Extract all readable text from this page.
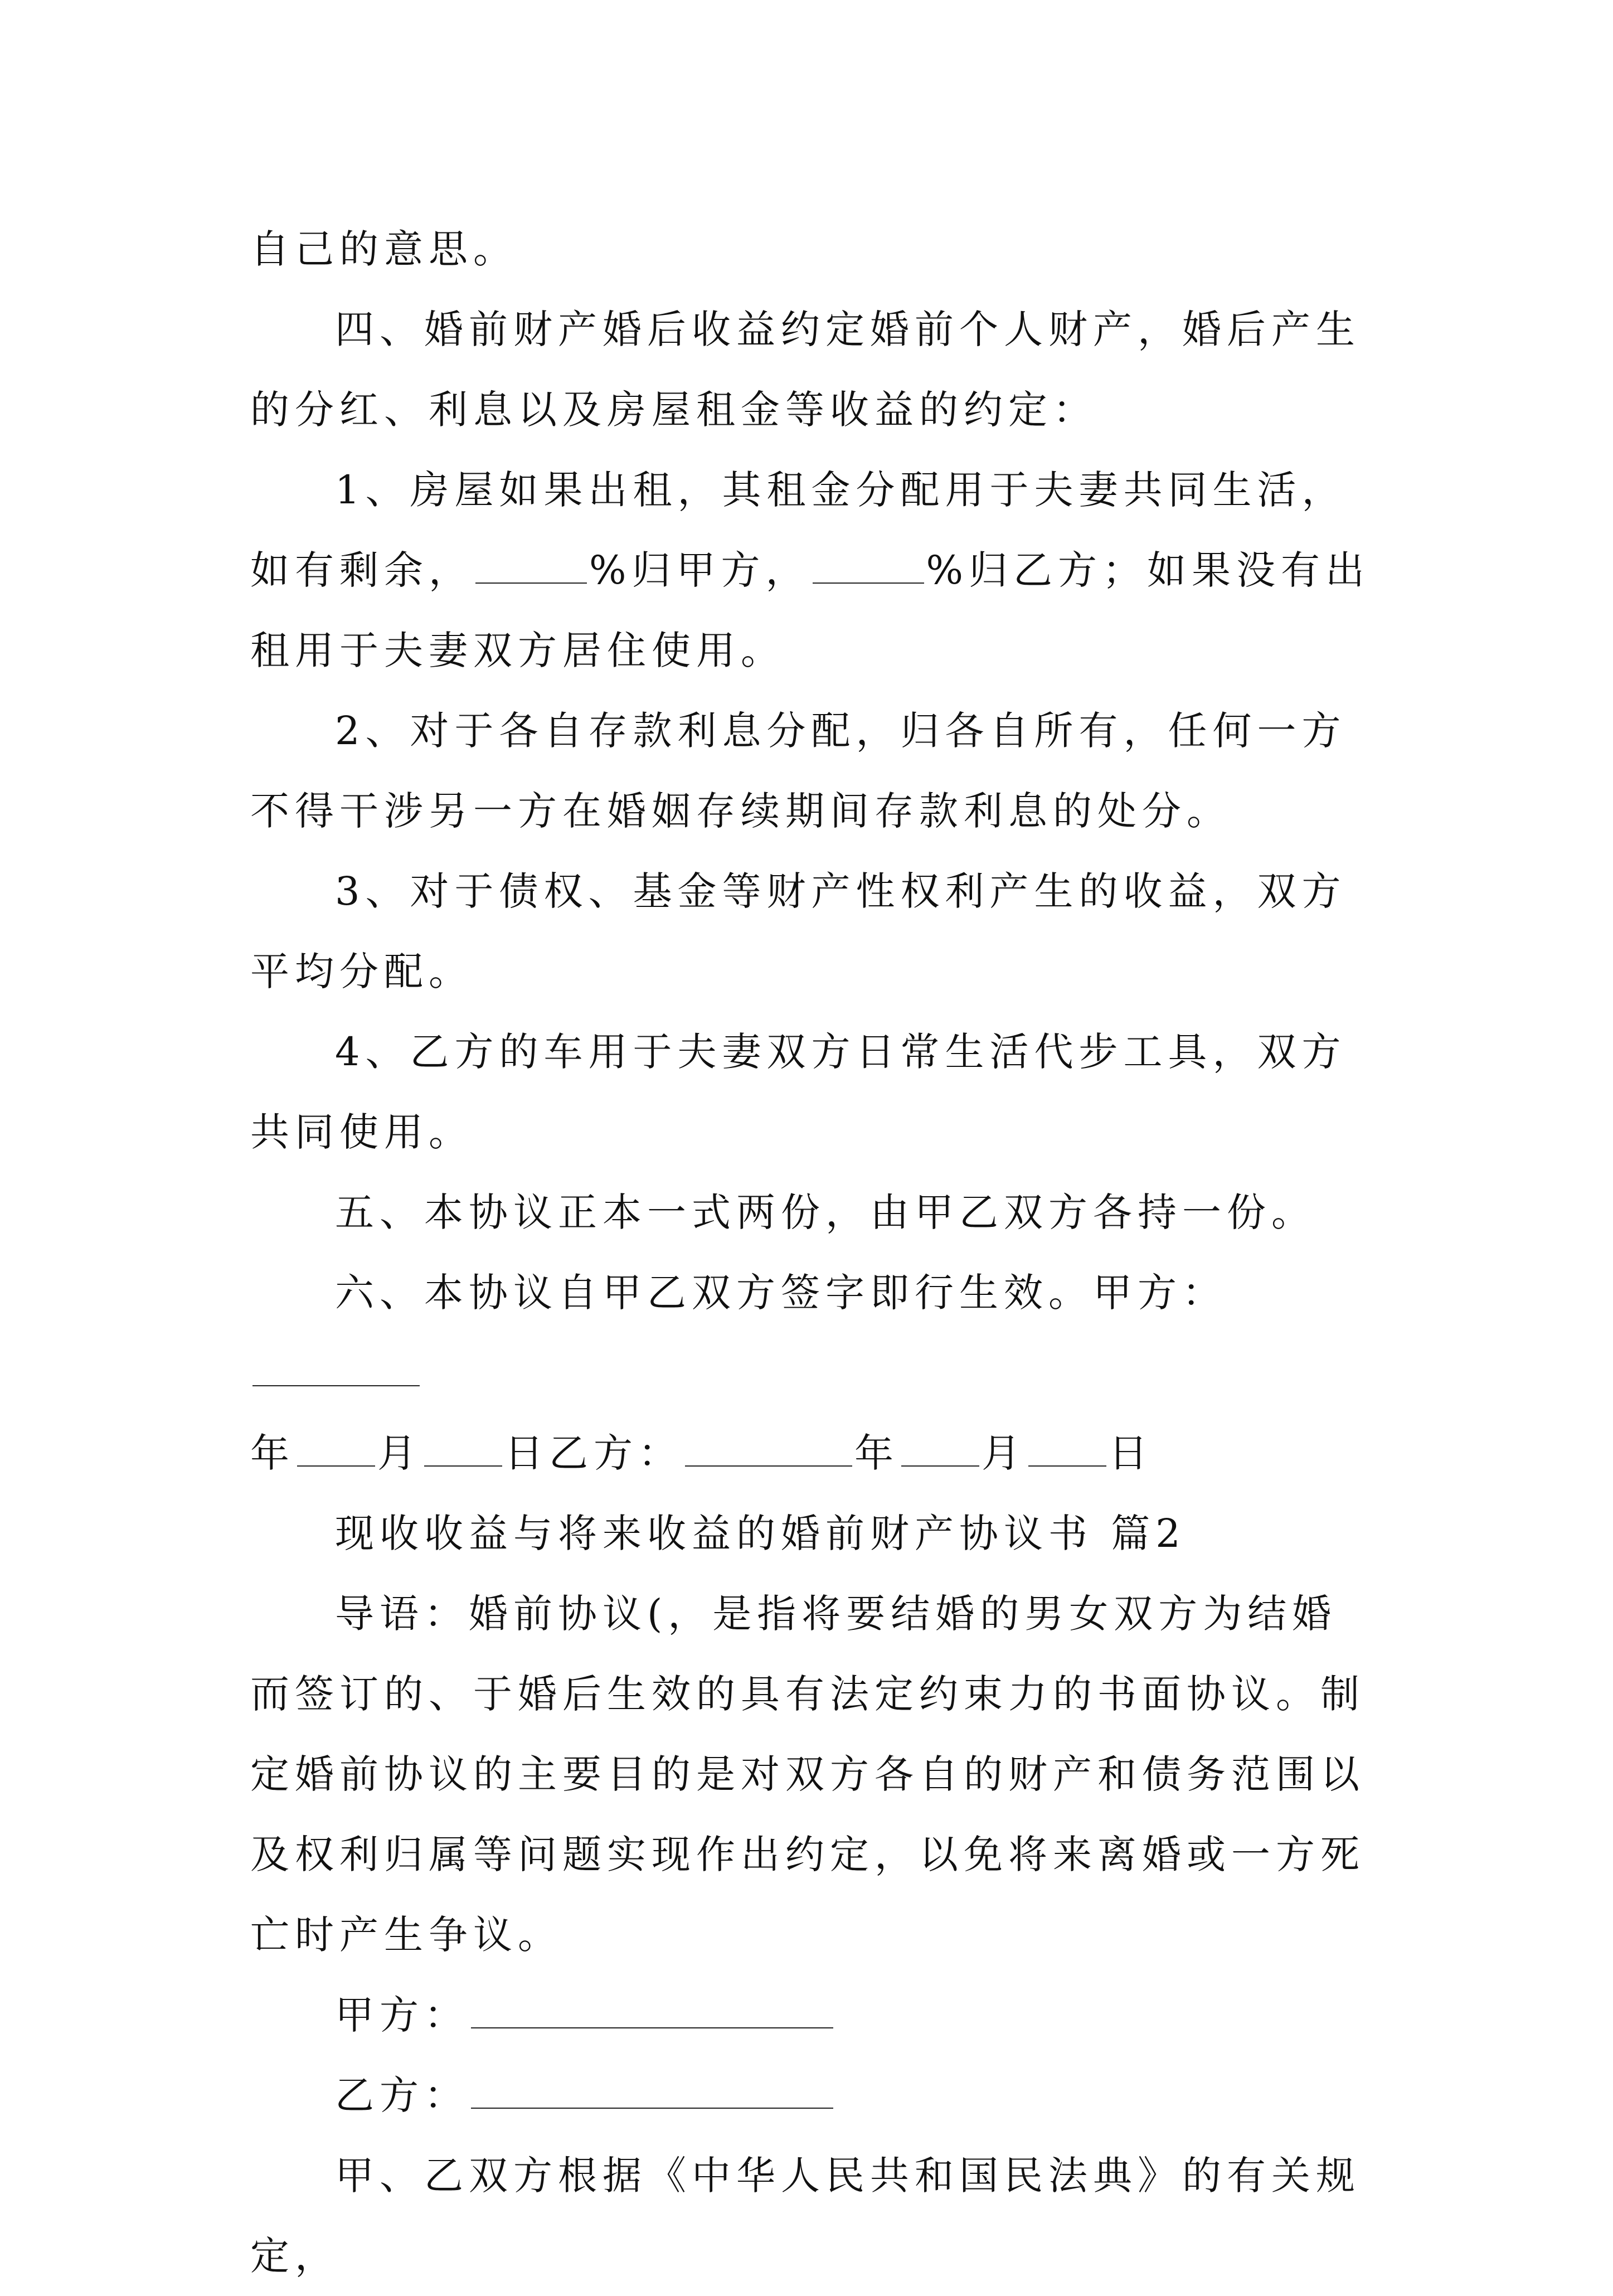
自己的意思。

四、婚前财产婚后收益约定婚前个人财产，婚后产生的分红、利息以及房屋租金等收益的约定：

1、房屋如果出租，其租金分配用于夫妻共同生活，如有剩余，	%归甲方，	%归乙方；如果没有出租用于夫妻双方居住使用。

2、对于各自存款利息分配，归各自所有，任何一方不得干涉另一方在婚姻存续期间存款利息的处分。

3、对于债权、基金等财产性权利产生的收益，双方平均分配。

4、乙方的车用于夫妻双方日常生活代步工具，双方共同使用。

五、本协议正本一式两份，由甲乙双方各持一份。

六、本协议自甲乙双方签字即行生效。甲方：

年 月 日乙方：	年 月 日

现收收益与将来收益的婚前财产协议书 篇2

导语：婚前协议(，是指将要结婚的男女双方为结婚而签订的、于婚后生效的具有法定约束力的书面协议。制定婚前协议的主要目的是对双方各自的财产和债务范围以及权利归属等问题实现作出约定，以免将来离婚或一方死亡时产生争议。

甲方：

乙方：

甲、乙双方根据《中华人民共和国民法典》的有关规定，
